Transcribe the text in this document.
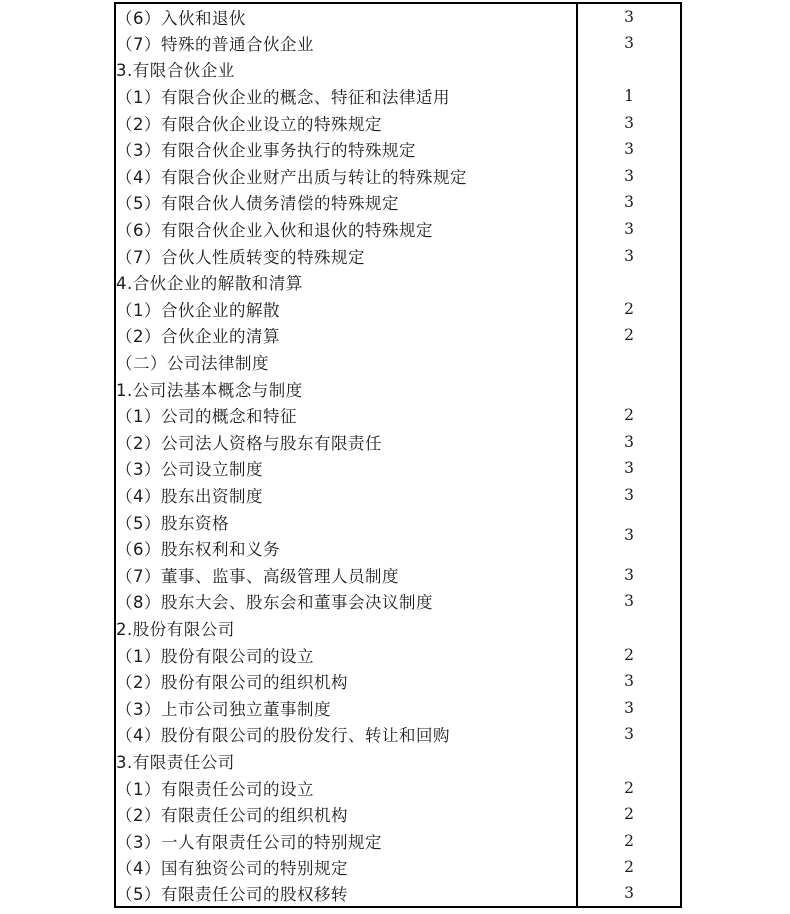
（6）入伙和退伙	3
（7）特殊的普通合伙企业	3
3.有限合伙企业	
（1）有限合伙企业的概念、特征和法律适用	1
（2）有限合伙企业设立的特殊规定	3
（3）有限合伙企业事务执行的特殊规定	3
（4）有限合伙企业财产出质与转让的特殊规定	3
（5）有限合伙人债务清偿的特殊规定	3
（6）有限合伙企业入伙和退伙的特殊规定	3
（7）合伙人性质转变的特殊规定	3
4.合伙企业的解散和清算	
（1）合伙企业的解散	2
（2）合伙企业的清算	2
（二）公司法律制度	
1.公司法基本概念与制度	
（1）公司的概念和特征	2
（2）公司法人资格与股东有限责任	3
（3）公司设立制度	3
（4）股东出资制度	3
（5）股东资格	3
（6）股东权利和义务	
（7）董事、监事、高级管理人员制度	3
（8）股东大会、股东会和董事会决议制度	3
2.股份有限公司	
（1）股份有限公司的设立	2
（2）股份有限公司的组织机构	3
（3）上市公司独立董事制度	3
（4）股份有限公司的股份发行、转让和回购	3
3.有限责任公司	
（1）有限责任公司的设立	2
（2）有限责任公司的组织机构	2
（3）一人有限责任公司的特别规定	2
（4）国有独资公司的特别规定	2
（5）有限责任公司的股权移转	3
